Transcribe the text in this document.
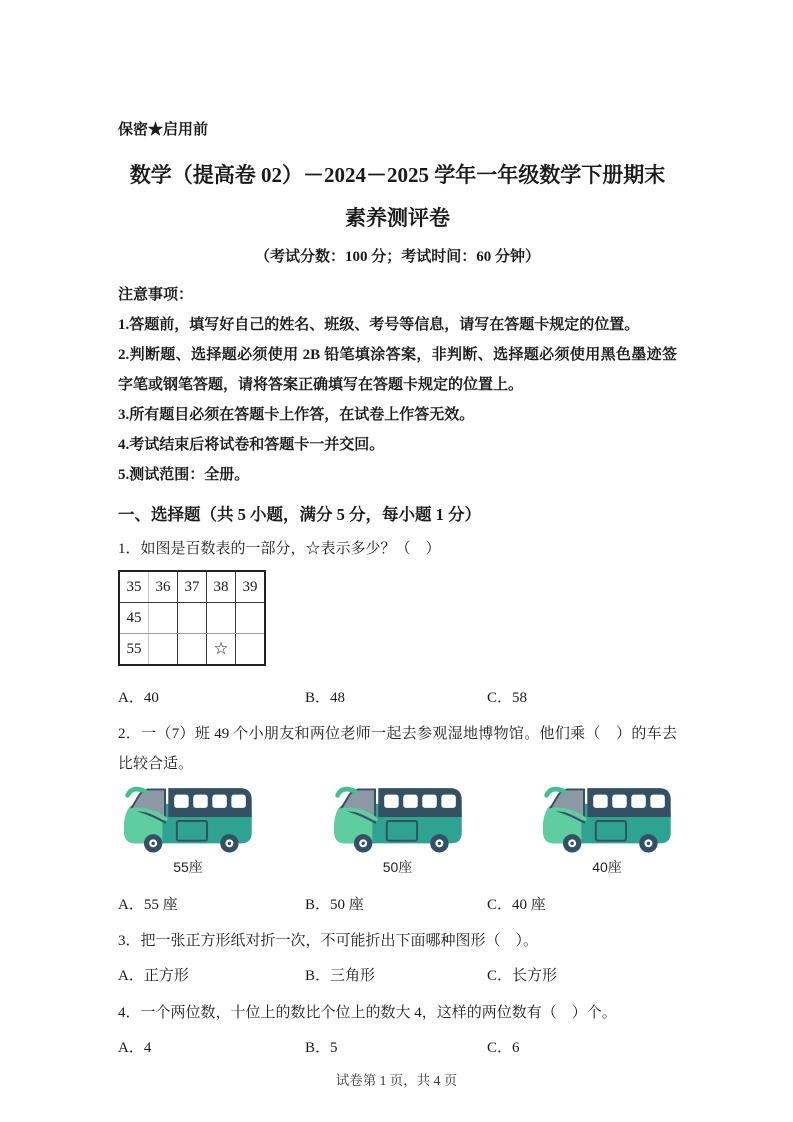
保密★启用前
数学（提高卷 02）－2024－2025 学年一年级数学下册期末
素养测评卷
（考试分数：100 分；考试时间：60 分钟）
注意事项：
1.答题前，填写好自己的姓名、班级、考号等信息，请写在答题卡规定的位置。
2.判断题、选择题必须使用 2B 铅笔填涂答案，非判断、选择题必须使用黑色墨迹签字笔或钢笔答题，请将答案正确填写在答题卡规定的位置上。
3.所有题目必须在答题卡上作答，在试卷上作答无效。
4.考试结束后将试卷和答题卡一并交回。
5.测试范围：全册。
一、选择题（共 5 小题，满分 5 分，每小题 1 分）
1．如图是百数表的一部分，☆表示多少？（　）
35	36	37	38	39
45				
55			☆	
A．40	B．48	C．58
2．一（7）班 49 个小朋友和两位老师一起去参观湿地博物馆。他们乘（　）的车去比较合适。
55座	50座	40座
A．55 座	B．50 座	C．40 座
3．把一张正方形纸对折一次，不可能折出下面哪种图形（　）。
A．正方形	B．三角形	C．长方形
4．一个两位数，十位上的数比个位上的数大 4，这样的两位数有（　）个。
A．4	B．5	C．6
试卷第 1 页，共 4 页
